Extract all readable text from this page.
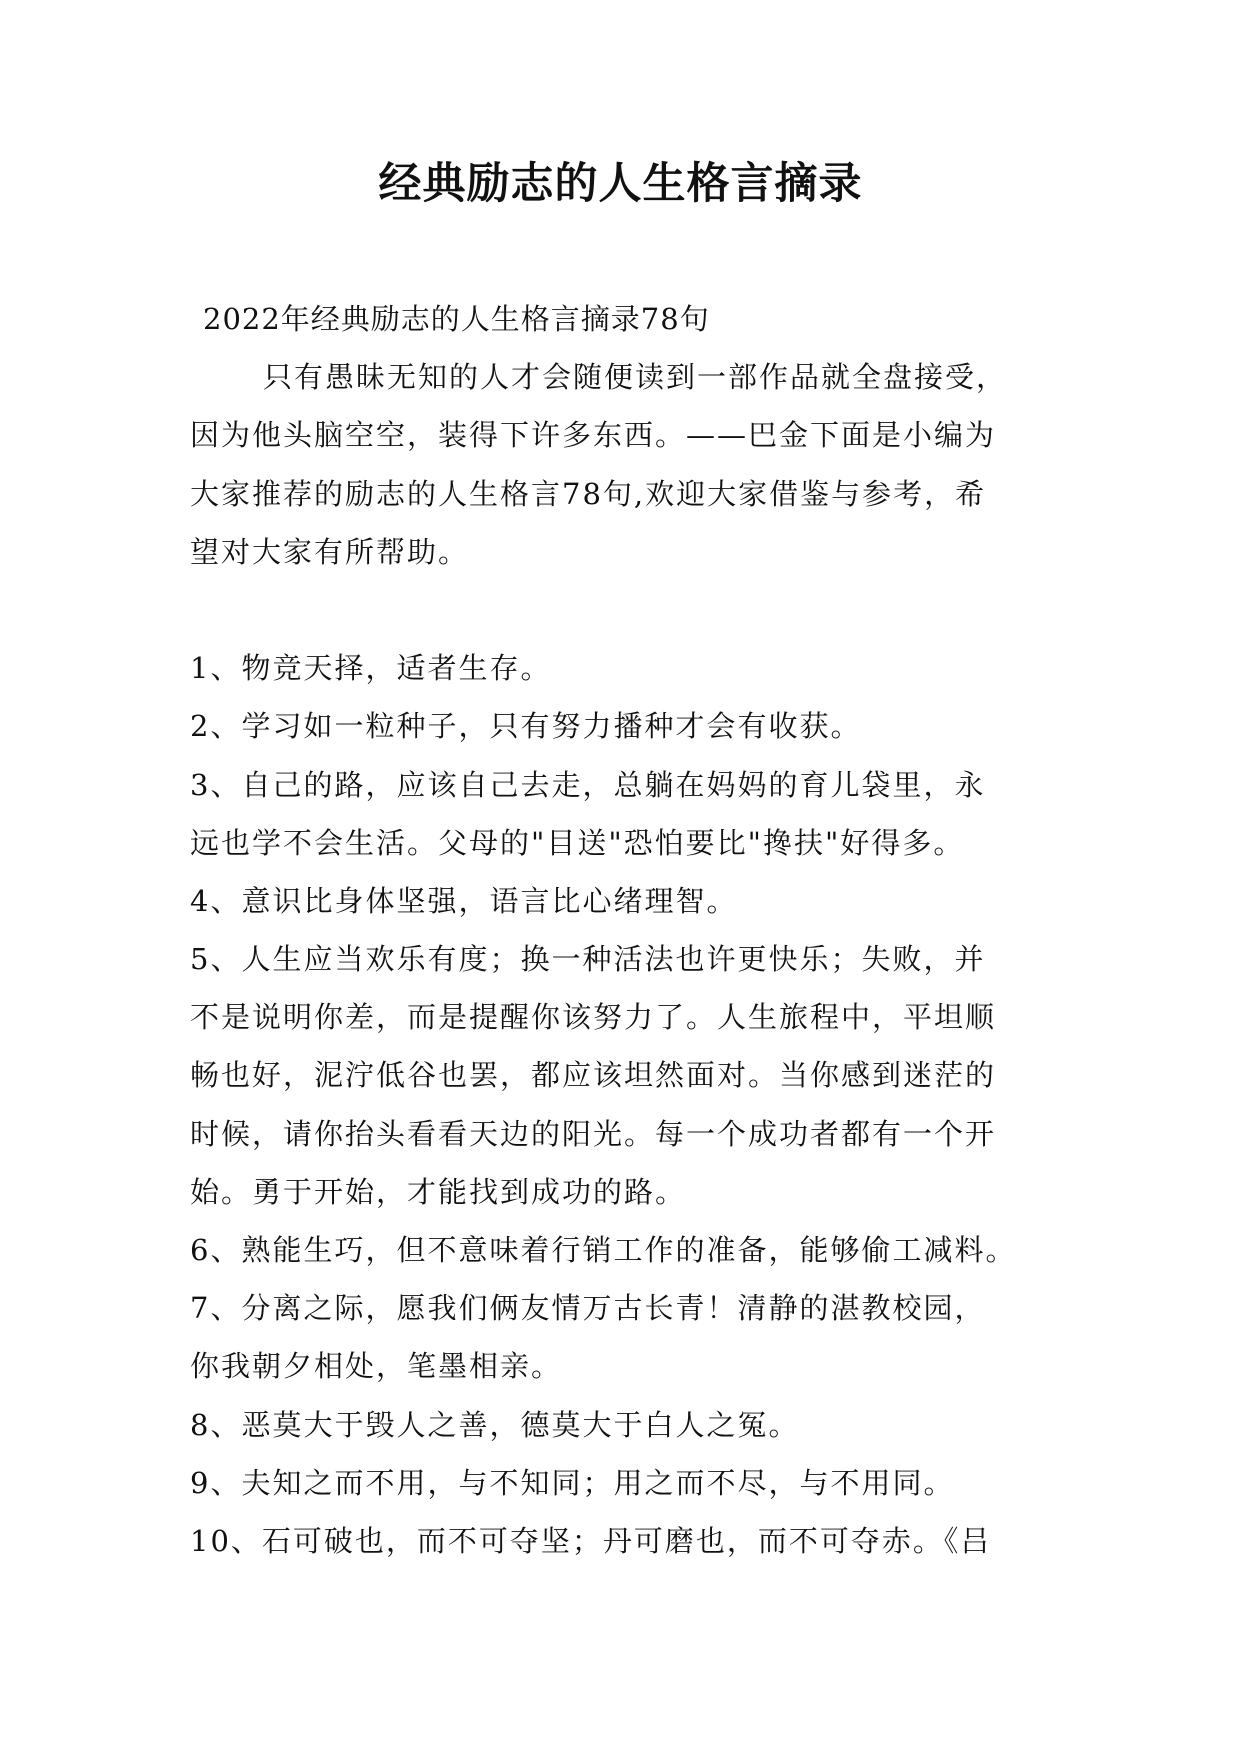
经典励志的人生格言摘录

2022年经典励志的人生格言摘录78句

只有愚昧无知的人才会随便读到一部作品就全盘接受，

因为他头脑空空，装得下许多东西。——巴金下面是小编为

大家推荐的励志的人生格言78句,欢迎大家借鉴与参考，希

望对大家有所帮助。

1、物竞天择，适者生存。

2、学习如一粒种子，只有努力播种才会有收获。

3、自己的路，应该自己去走，总躺在妈妈的育儿袋里，永

远也学不会生活。父母的"目送"恐怕要比"搀扶"好得多。

4、意识比身体坚强，语言比心绪理智。

5、人生应当欢乐有度；换一种活法也许更快乐；失败，并

不是说明你差，而是提醒你该努力了。人生旅程中，平坦顺

畅也好，泥泞低谷也罢，都应该坦然面对。当你感到迷茫的

时候，请你抬头看看天边的阳光。每一个成功者都有一个开

始。勇于开始，才能找到成功的路。

6、熟能生巧，但不意味着行销工作的准备，能够偷工减料。

7、分离之际，愿我们俩友情万古长青！清静的湛教校园，

你我朝夕相处，笔墨相亲。

8、恶莫大于毁人之善，德莫大于白人之冤。

9、夫知之而不用，与不知同；用之而不尽，与不用同。

10、石可破也，而不可夺坚；丹可磨也，而不可夺赤。《吕
